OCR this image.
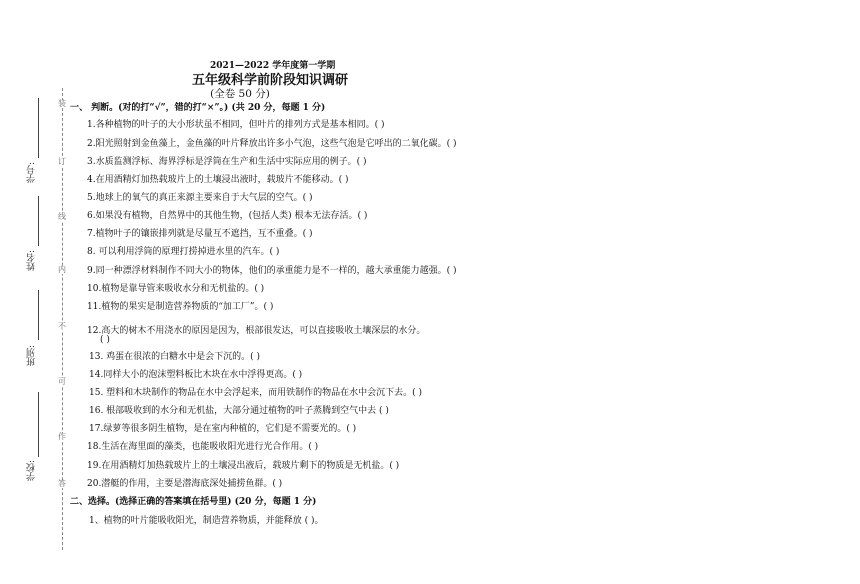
装
订
线
内
不
可
作
答
学号:
姓名:
班别:
学校:
2021—2022 学年度第一学期
五年级科学前阶段知识调研
(全卷 50 分)
一、 判断。(对的打“√”，错的打“×”。) (共 20 分，每题 1 分)
1.各种植物的叶子的大小形状虽不相同，但叶片的排列方式是基本相同。( )
2.阳光照射到金鱼藻上，金鱼藻的叶片释放出许多小气泡，这些气泡是它呼出的二氧化碳。( )
3.水质监测浮标、海界浮标是浮筒在生产和生活中实际应用的例子。( )
4.在用酒精灯加热载玻片上的土壤浸出液时，载玻片不能移动。( )
5.地球上的氧气的真正来源主要来自于大气层的空气。( )
6.如果没有植物，自然界中的其他生物，(包括人类) 根本无法存活。( )
7.植物叶子的镶嵌排列就是尽量互不遮挡，互不重叠。( )
8. 可以利用浮筒的原理打捞掉进水里的汽车。( )
9.同一种漂浮材料制作不同大小的物体，他们的承重能力是不一样的，越大承重能力越强。( )
10.植物是靠导管来吸收水分和无机盐的。( )
11.植物的果实是制造营养物质的“加工厂”。( )
12.高大的树木不用浇水的原因是因为，根部很发达，可以直接吸收土壤深层的水分。
( )
13. 鸡蛋在很浓的白糖水中是会下沉的。( )
14.同样大小的泡沫塑料板比木块在水中浮得更高。( )
15. 塑料和木块制作的物品在水中会浮起来，而用铁制作的物品在水中会沉下去。( )
16. 根部吸收到的水分和无机盐，大部分通过植物的叶子蒸腾到空气中去 ( )
17.绿萝等很多阴生植物，是在室内种植的，它们是不需要光的。( )
18.生活在海里面的藻类，也能吸收阳光进行光合作用。( )
19.在用酒精灯加热载玻片上的土壤浸出液后，载玻片剩下的物质是无机盐。( )
20.潜艇的作用，主要是潜海底深处捕捞鱼群。( )
二、选择。(选择正确的答案填在括号里) (20 分，每题 1 分)
1、植物的叶片能吸收阳光，制造营养物质，并能释放 ( )。
